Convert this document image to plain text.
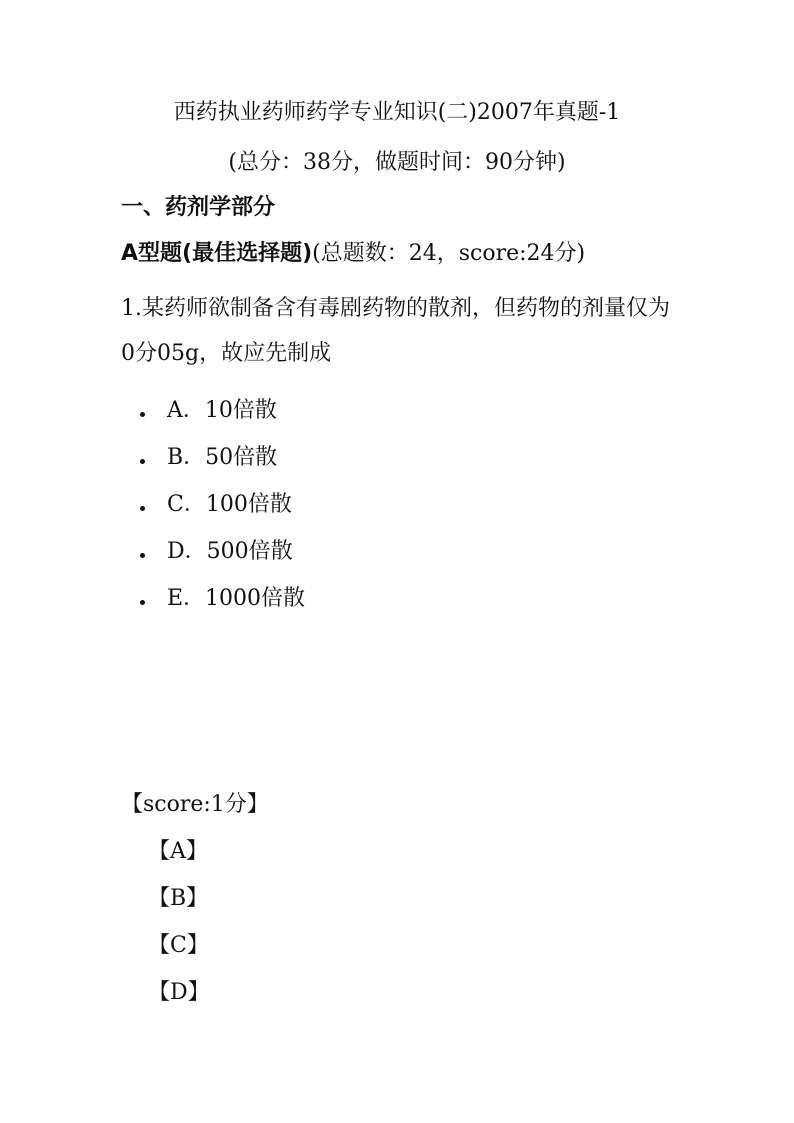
西药执业药师药学专业知识(二)2007年真题-1
(总分：38分，做题时间：90分钟)
一、药剂学部分
A型题(最佳选择题)(总题数：24，score:24分)
1.某药师欲制备含有毒剧药物的散剂，但药物的剂量仅为0分05g，故应先制成
A．10倍散
B．50倍散
C．100倍散
D．500倍散
E．1000倍散
【score:1分】
【A】
【B】
【C】
【D】
